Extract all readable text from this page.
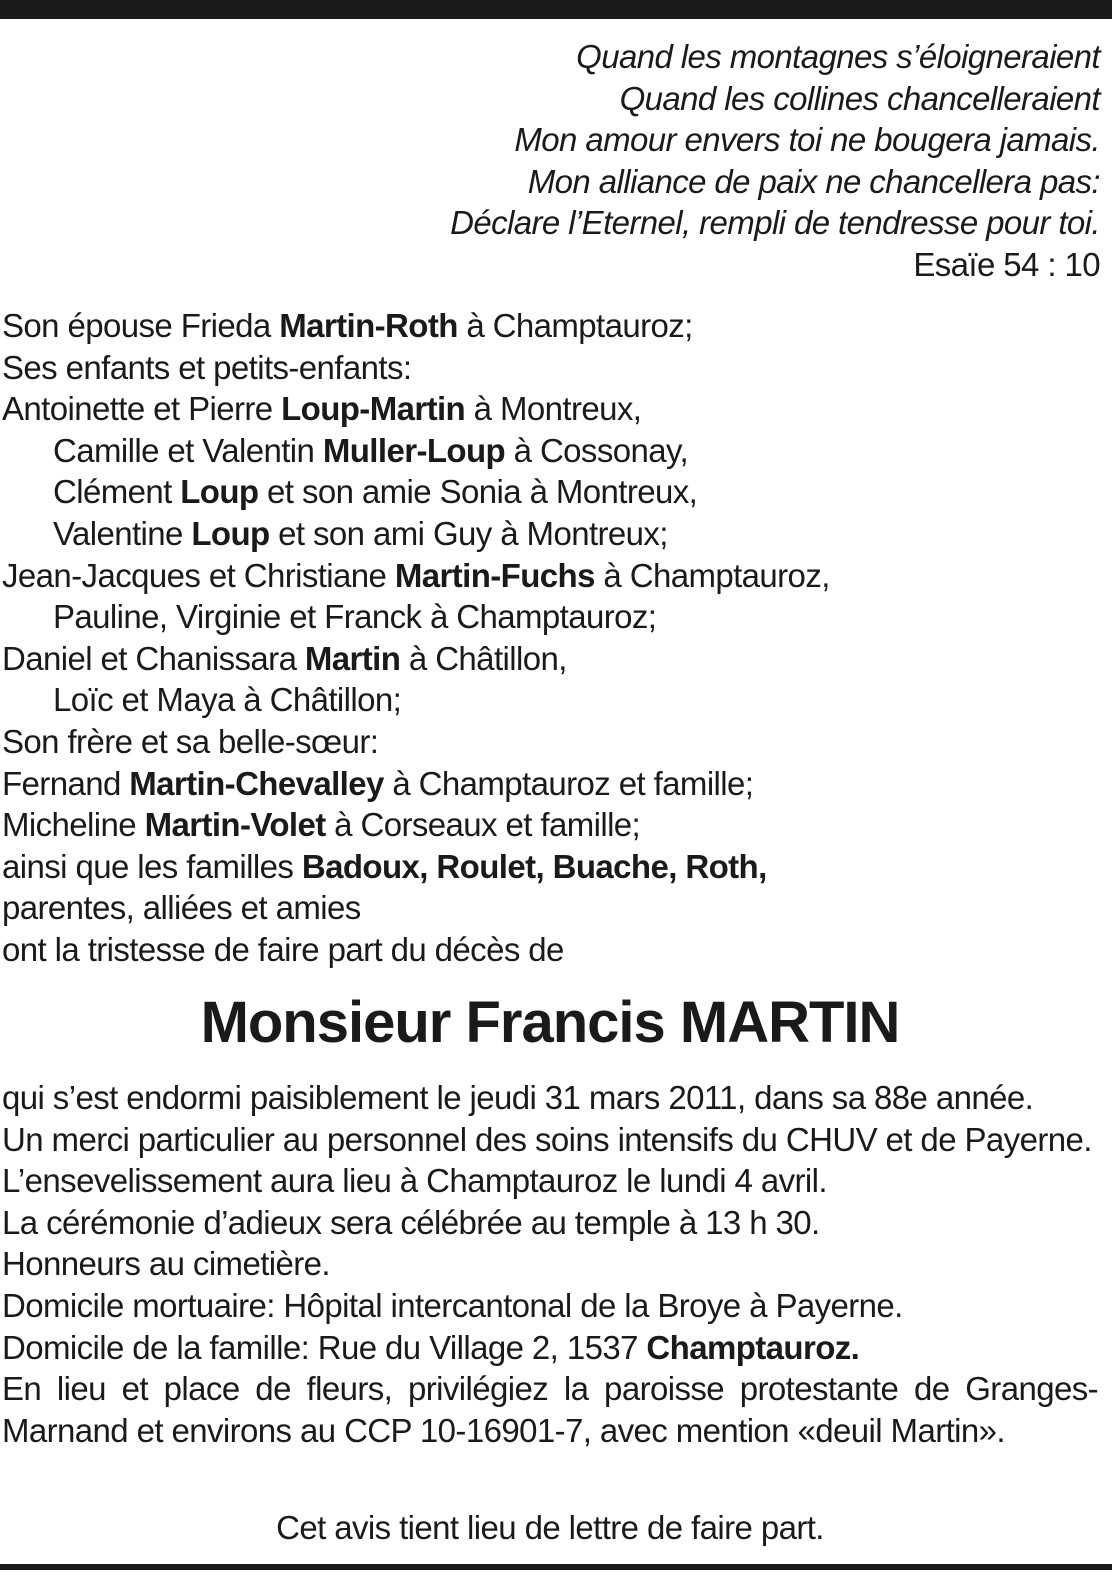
Quand les montagnes s’éloigneraient
Quand les collines chancelleraient
Mon amour envers toi ne bougera jamais.
Mon alliance de paix ne chancellera pas:
Déclare l’Eternel, rempli de tendresse pour toi.
Esaïe 54 : 10
Son épouse Frieda Martin-Roth à Champtauroz;
Ses enfants et petits-enfants:
Antoinette et Pierre Loup-Martin à Montreux,
Camille et Valentin Muller-Loup à Cossonay,
Clément Loup et son amie Sonia à Montreux,
Valentine Loup et son ami Guy à Montreux;
Jean-Jacques et Christiane Martin-Fuchs à Champtauroz,
Pauline, Virginie et Franck à Champtauroz;
Daniel et Chanissara Martin à Châtillon,
Loïc et Maya à Châtillon;
Son frère et sa belle-sœur:
Fernand Martin-Chevalley à Champtauroz et famille;
Micheline Martin-Volet à Corseaux et famille;
ainsi que les familles Badoux, Roulet, Buache, Roth,
parentes, alliées et amies
ont la tristesse de faire part du décès de
Monsieur Francis MARTIN
qui s’est endormi paisiblement le jeudi 31 mars 2011, dans sa 88e année.
Un merci particulier au personnel des soins intensifs du CHUV et de Payerne.
L’ensevelissement aura lieu à Champtauroz le lundi 4 avril.
La cérémonie d’adieux sera célébrée au temple à 13 h 30.
Honneurs au cimetière.
Domicile mortuaire: Hôpital intercantonal de la Broye à Payerne.
Domicile de la famille: Rue du Village 2, 1537 Champtauroz.
En lieu et place de fleurs, privilégiez la paroisse protestante de Granges-Marnand et environs au CCP 10-16901-7, avec mention «deuil Martin».
Cet avis tient lieu de lettre de faire part.
